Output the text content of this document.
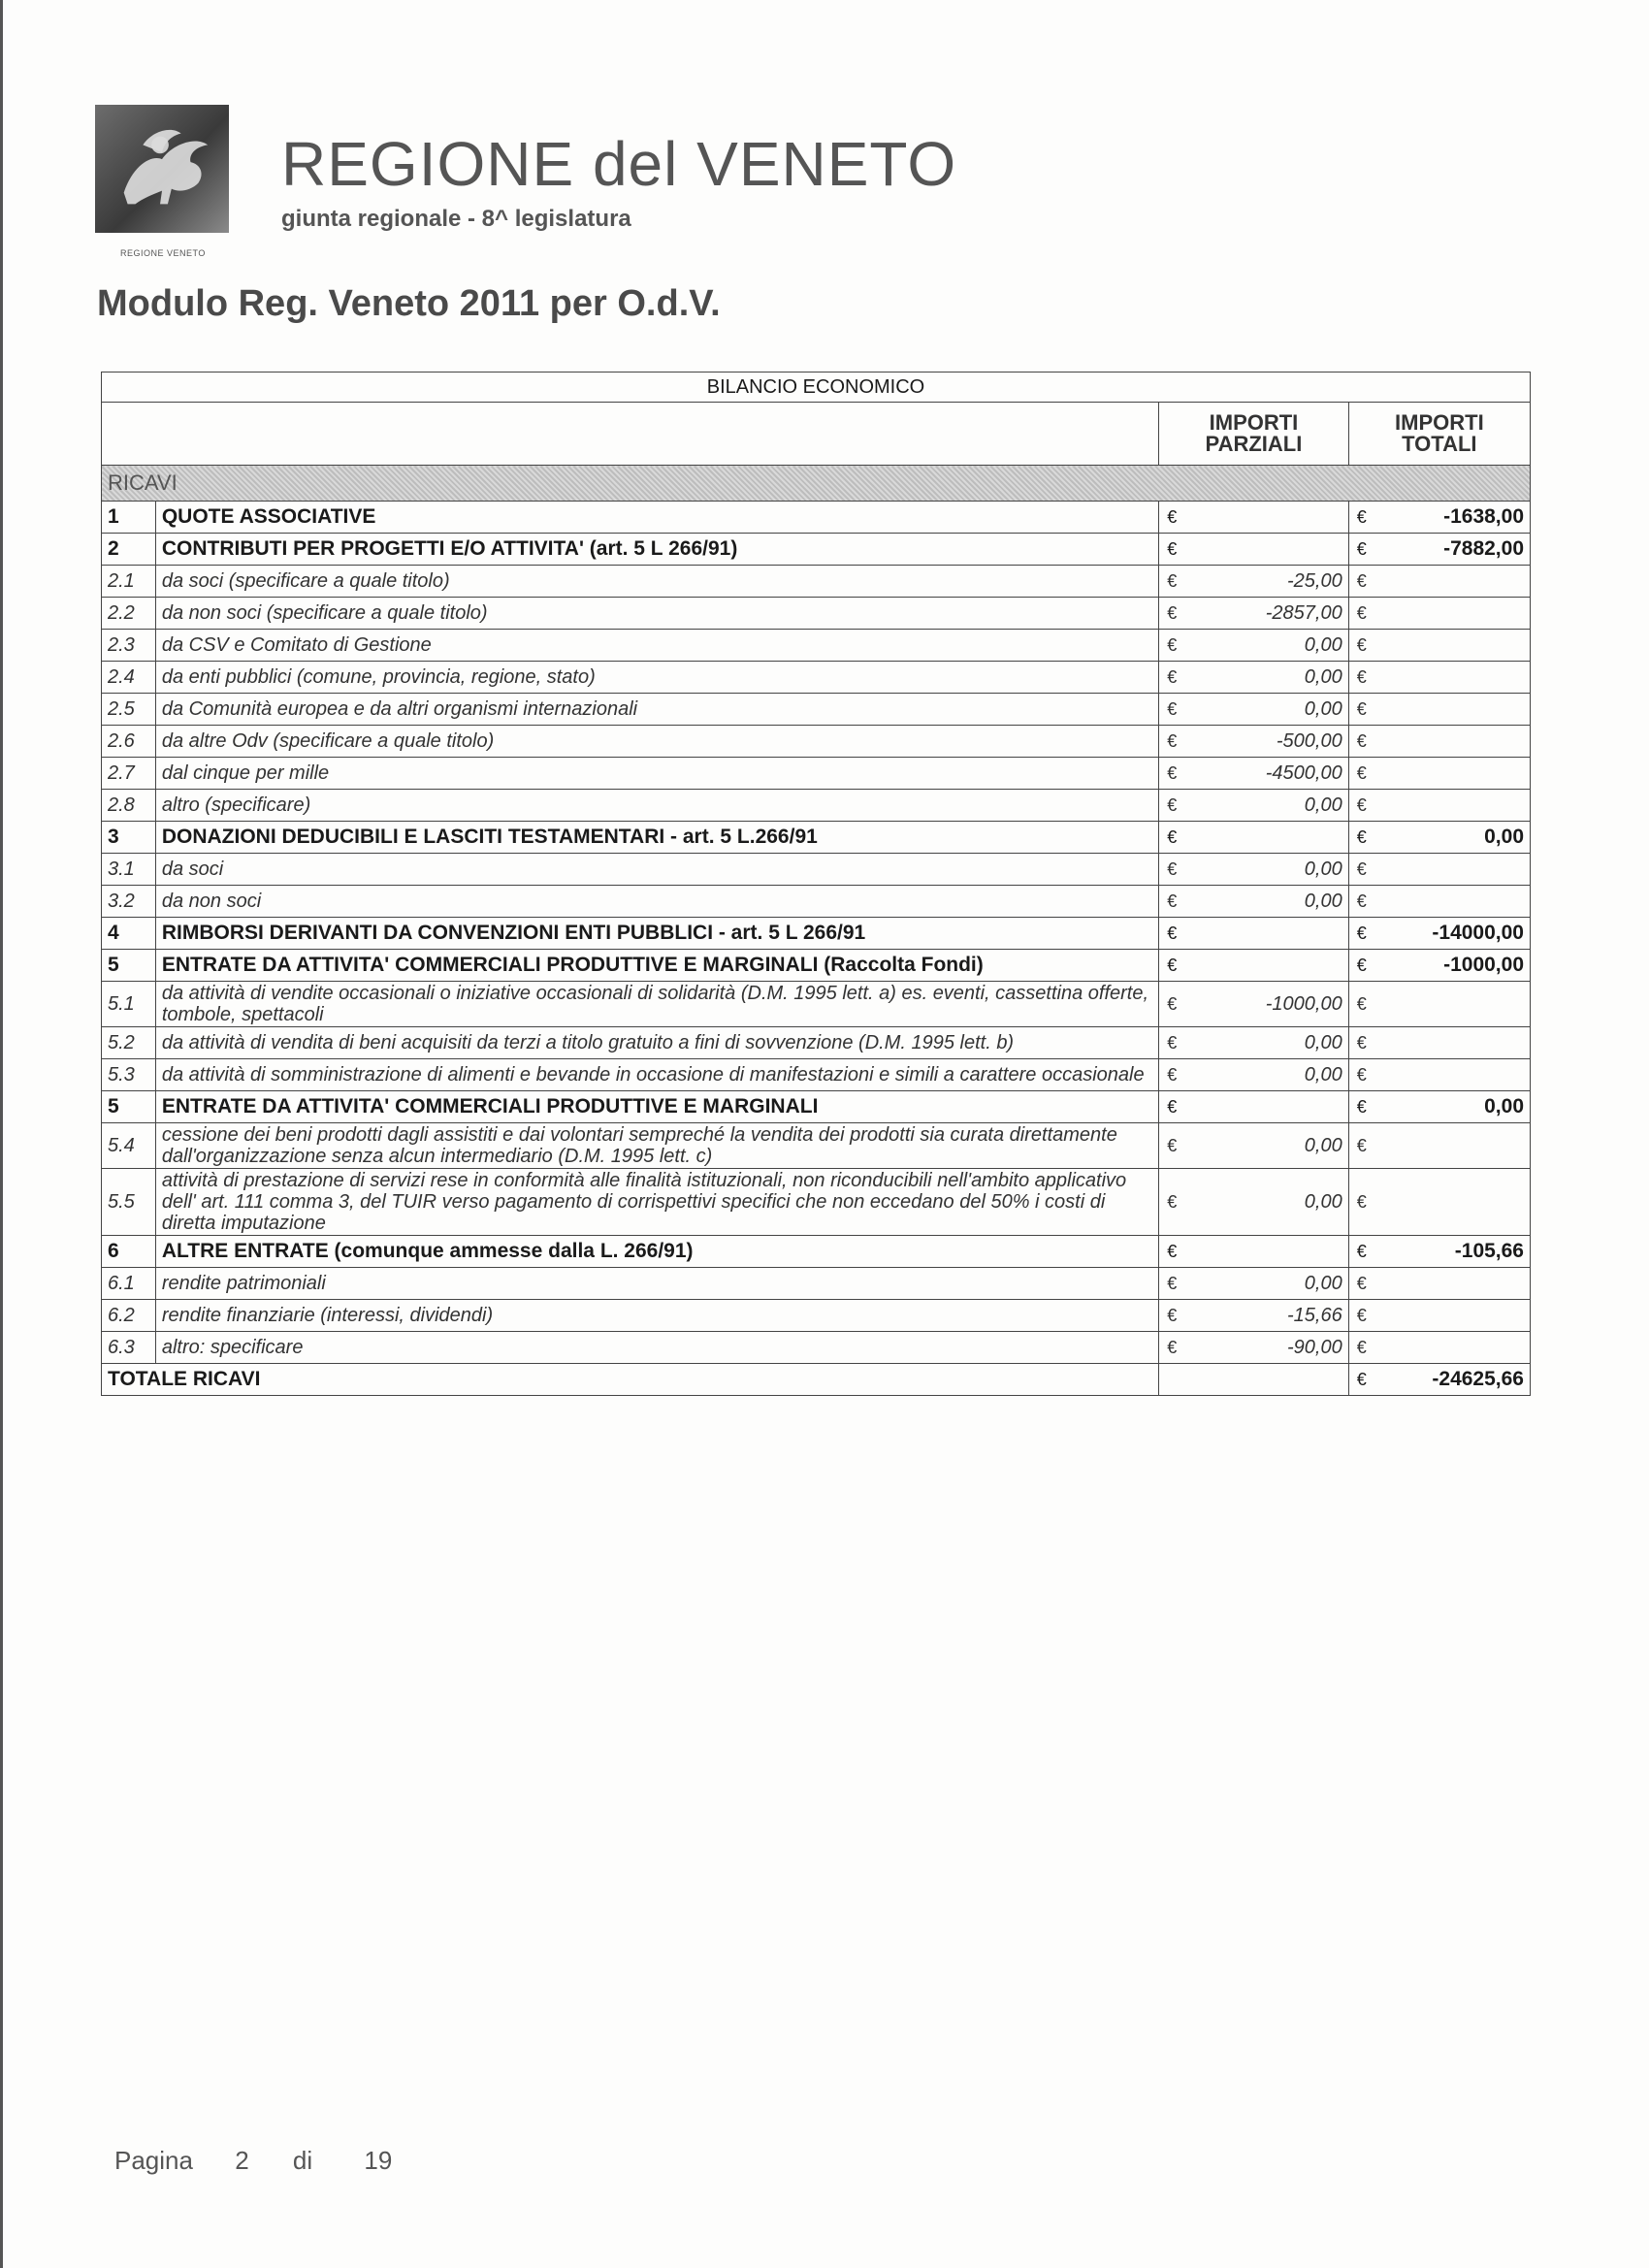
REGIONE VENETO
REGIONE del VENETO
giunta regionale - 8^ legislatura
Modulo Reg. Veneto 2011 per O.d.V.
BILANCIO ECONOMICO			
		IMPORTI PARZIALI	IMPORTI TOTALI
RICAVI			
1	QUOTE ASSOCIATIVE	€	€ -1638,00
2	CONTRIBUTI PER PROGETTI E/O ATTIVITA' (art. 5 L 266/91)	€	€ -7882,00
2.1	da soci (specificare a quale titolo)	€ -25,00	€

2.2	da non soci (specificare a quale titolo)	€ -2857,00	€

2.3	da CSV e Comitato di Gestione	€ 0,00	€

2.4	da enti pubblici (comune, provincia, regione, stato)	€ 0,00	€

2.5	da Comunità europea e da altri organismi internazionali	€ 0,00	€

2.6	da altre Odv (specificare a quale titolo)	€ -500,00	€

2.7	dal cinque per mille	€ -4500,00	€

2.8	altro (specificare)	€ 0,00	€

3	DONAZIONI DEDUCIBILI E LASCITI TESTAMENTARI - art. 5 L.266/91	€	€ 0,00
3.1	da soci	€ 0,00	€

3.2	da non soci	€ 0,00	€

4	RIMBORSI DERIVANTI DA CONVENZIONI ENTI PUBBLICI - art. 5 L 266/91	€	€ -14000,00
5	ENTRATE DA ATTIVITA' COMMERCIALI PRODUTTIVE E MARGINALI (Raccolta Fondi)	€	€ -1000,00
5.1	da attività di vendite occasionali o iniziative occasionali di solidarità (D.M. 1995 lett. a) es. eventi, cassettina offerte, tombole, spettacoli	€ -1000,00	€

5.2	da attività di vendita di beni acquisiti da terzi a titolo gratuito a fini di sovvenzione (D.M. 1995 lett. b)	€ 0,00	€

5.3	da attività di somministrazione di alimenti e bevande in occasione di manifestazioni e simili a carattere occasionale	€ 0,00	€

5	ENTRATE DA ATTIVITA' COMMERCIALI PRODUTTIVE E MARGINALI	€	€ 0,00
5.4	cessione dei beni prodotti dagli assistiti e dai volontari sempreché la vendita dei prodotti sia curata direttamente dall'organizzazione senza alcun intermediario (D.M. 1995 lett. c)	€ 0,00	€

5.5	attività di prestazione di servizi rese in conformità alle finalità istituzionali, non riconducibili nell'ambito applicativo dell' art. 111 comma 3, del TUIR verso pagamento di corrispettivi specifici che non eccedano del 50% i costi di diretta imputazione	€ 0,00	€

6	ALTRE ENTRATE (comunque ammesse dalla L. 266/91)	€	€ -105,66
6.1	rendite patrimoniali	€ 0,00	€

6.2	rendite finanziarie (interessi, dividendi)	€ -15,66	€

6.3	altro: specificare	€ -90,00	€

TOTALE RICAVI			€ -24625,66
Pagina 2 di 19
